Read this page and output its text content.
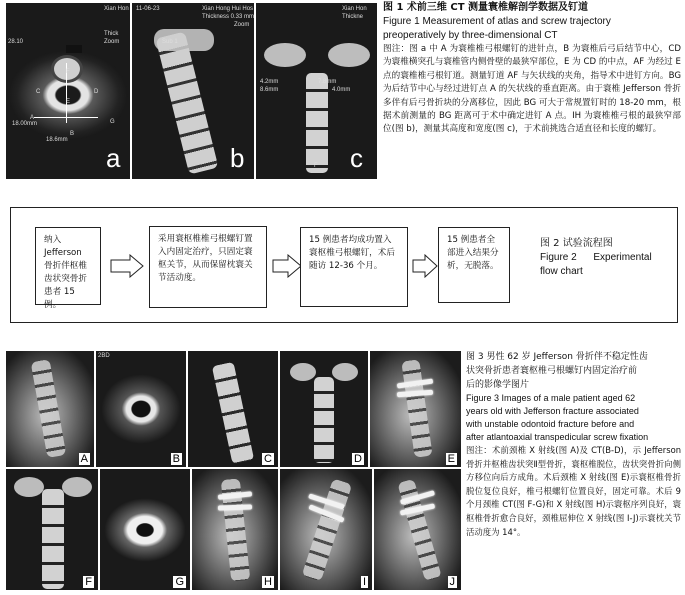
28.10
Xian Hon
Thick
Zoom
A
B
C	D
E
F
G
18.00mm
18.6mm
a
Xian Hong Hui Hos
Thickness 0.33 mm
Zoom
Sub 1
11-06-23
b
Xian Hon
Thickne
4.2mm	7.8mm
8.6mm	4.0mm
F c
图 1 术前三维 CT 测量寰椎解剖学数据及钉道
Figure 1 Measurement of atlas and screw trajectory
preoperatively by three-dimensional CT
图注：图 a 中 A 为寰椎椎弓根螺钉的进针点，B 为寰椎后弓后结节中心，CD 为寰椎横突孔与寰椎管内侧骨壁的最狭窄部位，E 为 CD 的中点，AF 为经过 E 点的寰椎椎弓根钉道。测量钉道 AF 与矢状线的夹角，指导术中进钉方向。BG 为后结节中心与经过进钉点 A 的矢状线的垂直距离。由于寰椎 Jefferson 骨折多伴有后弓骨折块的分离移位，因此 BG 可大于常规置钉时的 18-20 mm，根据术前测量的 BG 距离可于术中确定进钉 A 点。IH 为寰椎椎弓根的最狭窄部位(图 b)，测量其高度和宽度(图 c)，于术前挑选合适直径和长度的螺钉。
纳入 Jefferson 骨折伴枢椎齿状突骨折患者 15 例。
采用寰枢椎椎弓根螺钉置入内固定治疗，只固定寰枢关节，从而保留枕寰关节活动度。
15 例患者均成功置入寰枢椎弓根螺钉，术后随访 12-36 个月。
15 例患者全部进入结果分析，无脱落。
图 2 试验流程图
Figure 2      Experimental
flow chart
A
2BD
B	C	D	E
F	G	H	I	J
图 3 男性 62 岁 Jefferson 骨折伴不稳定性齿
状突骨折患者寰枢椎弓根螺钉内固定治疗前
后的影像学图片
Figure 3 Images of a male patient aged 62
years old with Jefferson fracture associated
with unstable odontoid fracture before and
after atlantoaxial transpedicular screw fixation
图注：术前颈椎 X 射线(图 A)及 CT(B-D)，示 Jefferson 骨折并枢椎齿状突Ⅱ型骨折，寰枢椎脱位，齿状突骨折向侧方移位向后方成角。术后颈椎 X 射线(图 E)示寰枢椎骨折脱位复位良好，椎弓根螺钉位置良好，固定可靠。术后 9 个月颈椎 CT(图 F-G)和 X 射线(图 H)示寰枢序列良好，寰枢椎骨折愈合良好，颈椎屈伸位 X 射线(图 I-J)示寰枕关节活动度为 14°。
